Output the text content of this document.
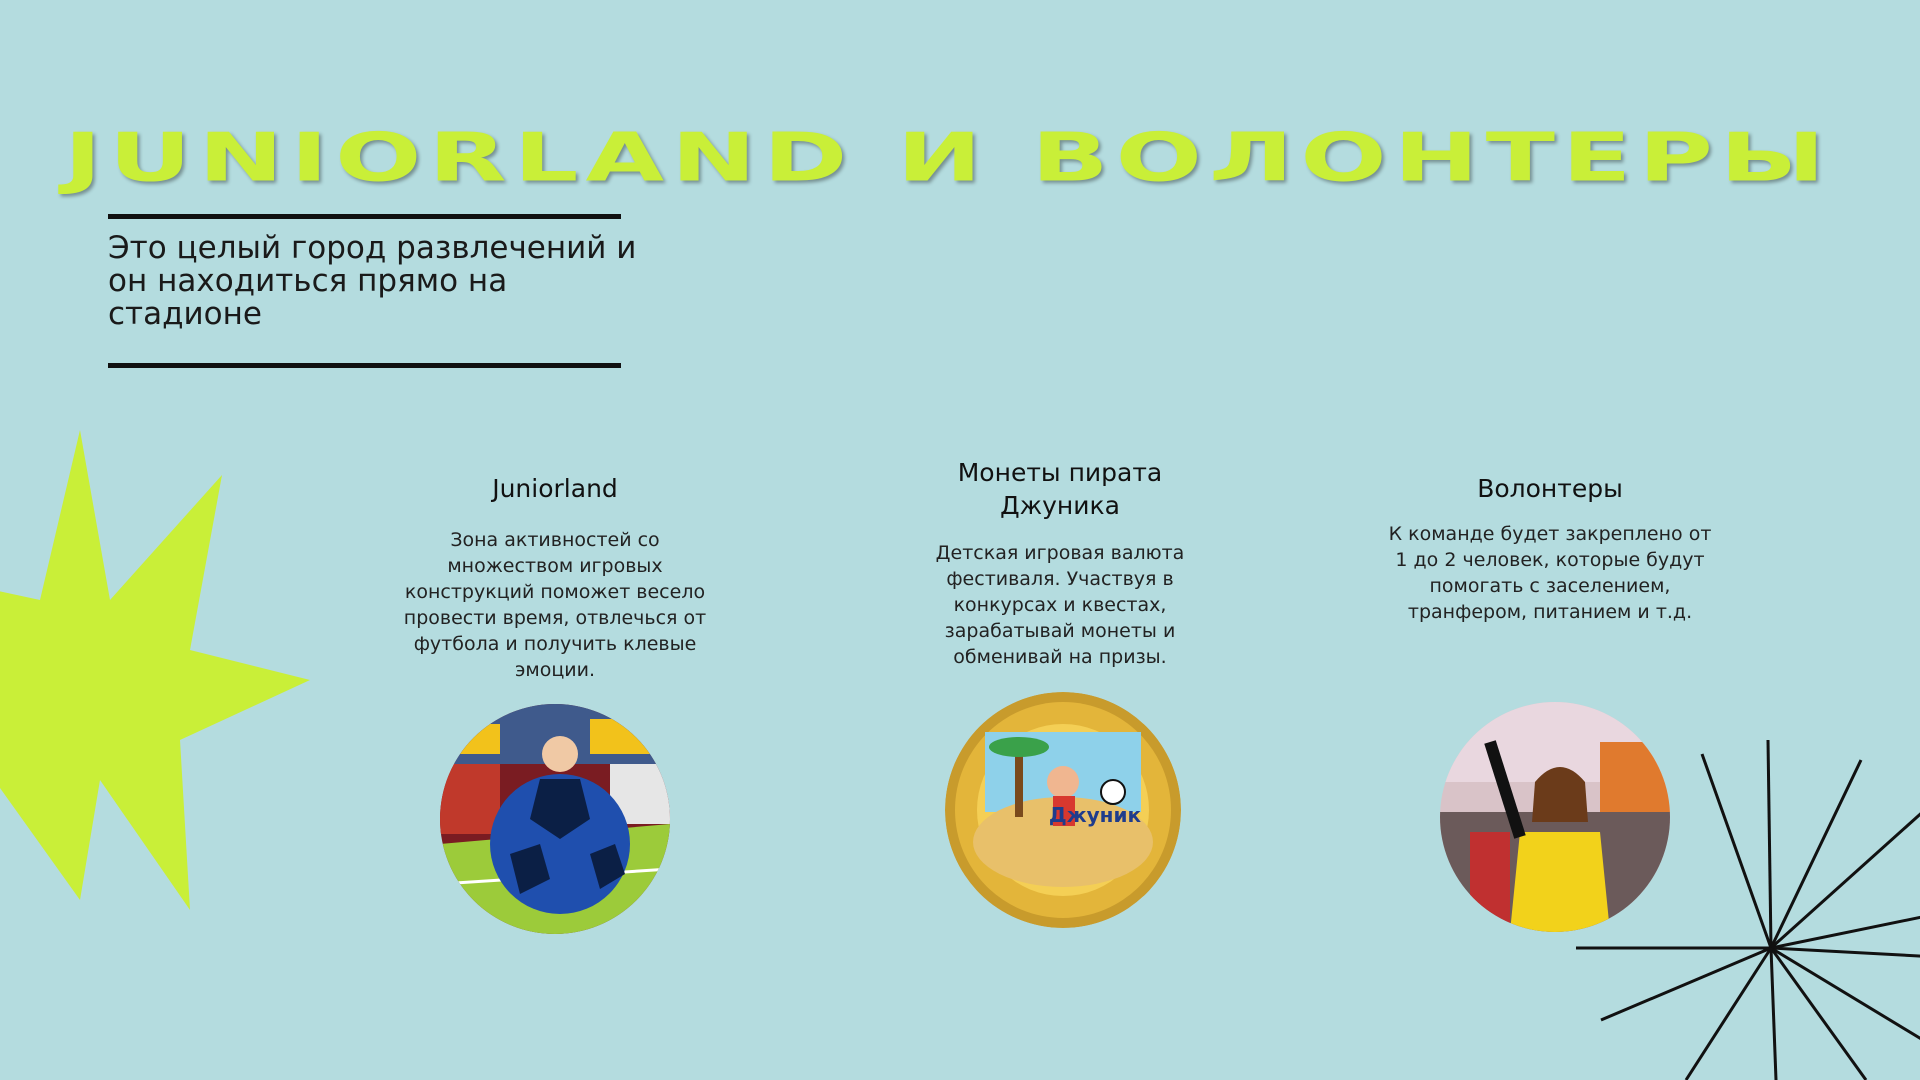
JUNIORLAND И ВОЛОНТЕРЫ
Это целый город развлечений и он находиться прямо на стадионе
Juniorland

Зона активностей со множеством игровых конструкций поможет весело провести время, отвлечься от футбола и получить клевые эмоции.

Монеты пирата Джуника

Детская игровая валюта фестиваля. Участвуя в конкурсах и квестах, зарабатывай монеты и обменивай на призы.

Джуник
Волонтеры

К команде будет закреплено от 1 до 2 человек, которые будут помогать с заселением, транфером, питанием и т.д.
